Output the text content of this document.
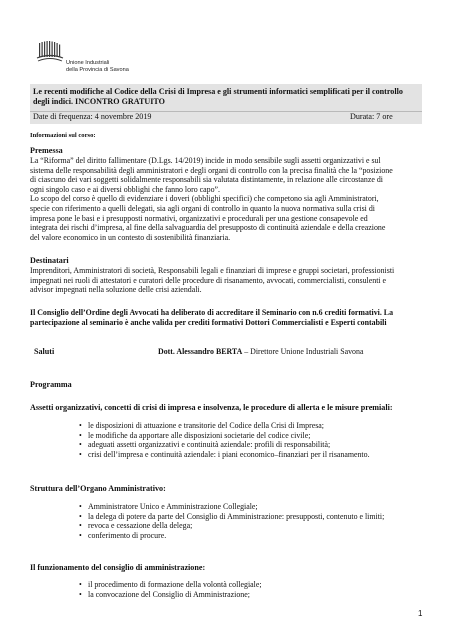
Unione Industriali
della Provincia di Savona
Le recenti modifiche al Codice della Crisi di Impresa e gli strumenti informatici semplificati per il controllo degli indici. INCONTRO GRATUITO
Date di frequenza: 4 novembre 2019	Durata: 7 ore
Informazioni sul corso:
Premessa
La “Riforma” del diritto fallimentare (D.Lgs. 14/2019) incide in modo sensibile sugli assetti organizzativi e sul
sistema delle responsabilità degli amministratori e degli organi di controllo con la precisa finalità che la “posizione
di ciascuno dei vari soggetti solidalmente responsabili sia valutata distintamente, in relazione alle circostanze di
ogni singolo caso e ai diversi obblighi che fanno loro capo”.
Lo scopo del corso è quello di evidenziare i doveri (obblighi specifici) che competono sia agli Amministratori,
specie con riferimento a quelli delegati, sia agli organi di controllo in quanto la nuova normativa sulla crisi di
impresa pone le basi e i presupposti normativi, organizzativi e procedurali per una gestione consapevole ed
integrata dei rischi d’impresa, al fine della salvaguardia del presupposto di continuità aziendale e della creazione
del valore economico in un contesto di sostenibilità finanziaria.
Destinatari
Imprenditori, Amministratori di società, Responsabili legali e finanziari di imprese e gruppi societari, professionisti
impegnati nei ruoli di attestatori e curatori delle procedure di risanamento, avvocati, commercialisti, consulenti e
advisor impegnati nella soluzione delle crisi aziendali.
Il Consiglio dell’Ordine degli Avvocati ha deliberato di accreditare il Seminario con n.6 crediti formativi. La
partecipazione al seminario è anche valida per crediti formativi Dottori Commercialisti e Esperti contabili
Saluti	Dott. Alessandro BERTA – Direttore Unione Industriali Savona
Programma
Assetti organizzativi, concetti di crisi di impresa e insolvenza, le procedure di allerta e le misure premiali:
• le disposizioni di attuazione e transitorie del Codice della Crisi di Impresa;
• le modifiche da apportare alle disposizioni societarie del codice civile;
• adeguati assetti organizzativi e continuità aziendale: profili di responsabilità;
• crisi dell’impresa e continuità aziendale: i piani economico–finanziari per il risanamento.
Struttura dell’Organo Amministrativo:
• Amministratore Unico e Amministrazione Collegiale;
• la delega di potere da parte del Consiglio di Amministrazione: presupposti, contenuto e limiti;
• revoca e cessazione della delega;
• conferimento di procure.
Il funzionamento del consiglio di amministrazione:
• il procedimento di formazione della volontà collegiale;
• la convocazione del Consiglio di Amministrazione;
1
